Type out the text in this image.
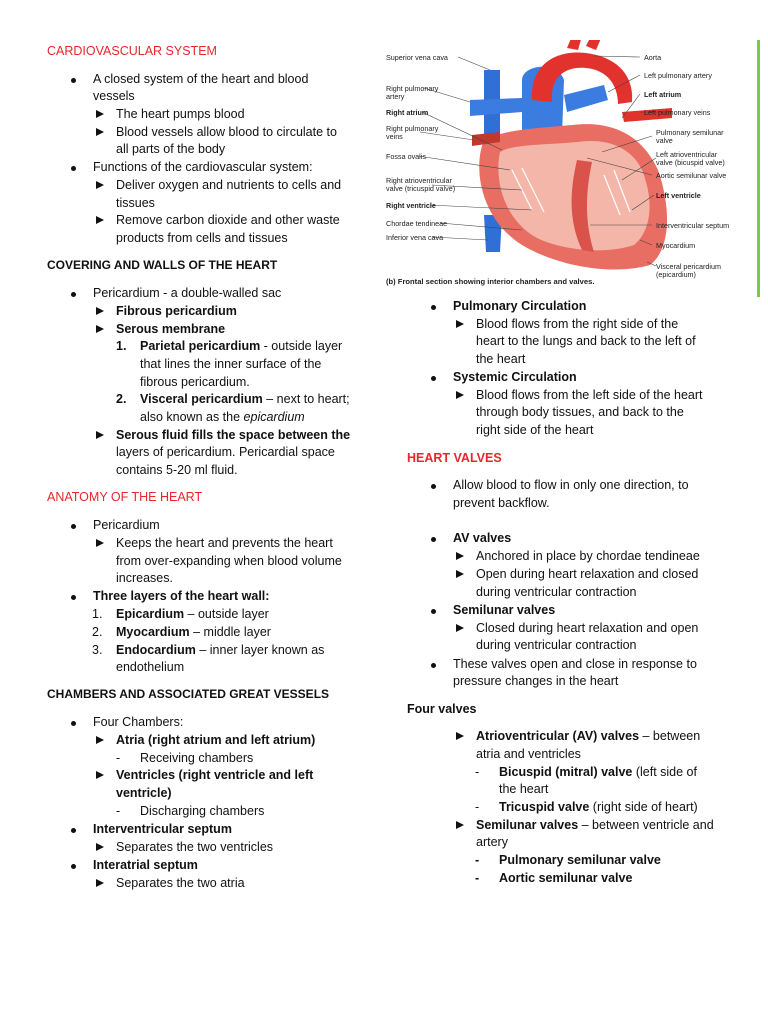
CARDIOVASCULAR SYSTEM
A closed system of the heart and blood
vessels
The heart pumps blood
Blood vessels allow blood to circulate to
all parts of the body
Functions of the cardiovascular system:
Deliver oxygen and nutrients to cells and
tissues
Remove carbon dioxide and other waste
products from cells and tissues
COVERING AND WALLS OF THE HEART
Pericardium - a double-walled sac
Fibrous pericardium
Serous membrane
1. Parietal pericardium - outside layer
that lines the inner surface of the
fibrous pericardium.
2. Visceral pericardium – next to heart;
also known as the epicardium
Serous fluid fills the space between the
layers of pericardium. Pericardial space
contains 5-20 ml fluid.
ANATOMY OF THE HEART
Pericardium
Keeps the heart and prevents the heart
from over-expanding when blood volume
increases.
Three layers of the heart wall:
1. Epicardium – outside layer
2. Myocardium – middle layer
3. Endocardium – inner layer known as
endothelium
CHAMBERS AND ASSOCIATED GREAT VESSELS
Four Chambers:
Atria (right atrium and left atrium)
- Receiving chambers
Ventricles (right ventricle and left
ventricle)
- Discharging chambers
Interventricular septum
Separates the two ventricles
Interatrial septum
Separates the two atria
Superior vena cava
Right pulmonary
artery
Right atrium
Right pulmonary
veins
Fossa ovalis
Right atrioventricular
valve (tricuspid valve)
Right ventricle
Chordae tendineae
Inferior vena cava
Aorta
Left pulmonary artery
Left atrium
Left pulmonary veins
Pulmonary semilunar
valve
Left atrioventricular
valve (bicuspid valve)
Aortic semilunar valve
Left ventricle
Interventricular septum
Myocardium
Visceral pericardium
(epicardium)
(b) Frontal section showing interior chambers and valves.
Pulmonary Circulation
Blood flows from the right side of the
heart to the lungs and back to the left of
the heart
Systemic Circulation
Blood flows from the left side of the heart
through body tissues, and back to the
right side of the heart
HEART VALVES
Allow blood to flow in only one direction, to
prevent backflow.
AV valves
Anchored in place by chordae tendineae
Open during heart relaxation and closed
during ventricular contraction
Semilunar valves
Closed during heart relaxation and open
during ventricular contraction
These valves open and close in response to
pressure changes in the heart
Four valves
Atrioventricular (AV) valves – between
atria and ventricles
- Bicuspid (mitral) valve (left side of
the heart
- Tricuspid valve (right side of heart)
Semilunar valves – between ventricle and
artery
- Pulmonary semilunar valve
- Aortic semilunar valve
